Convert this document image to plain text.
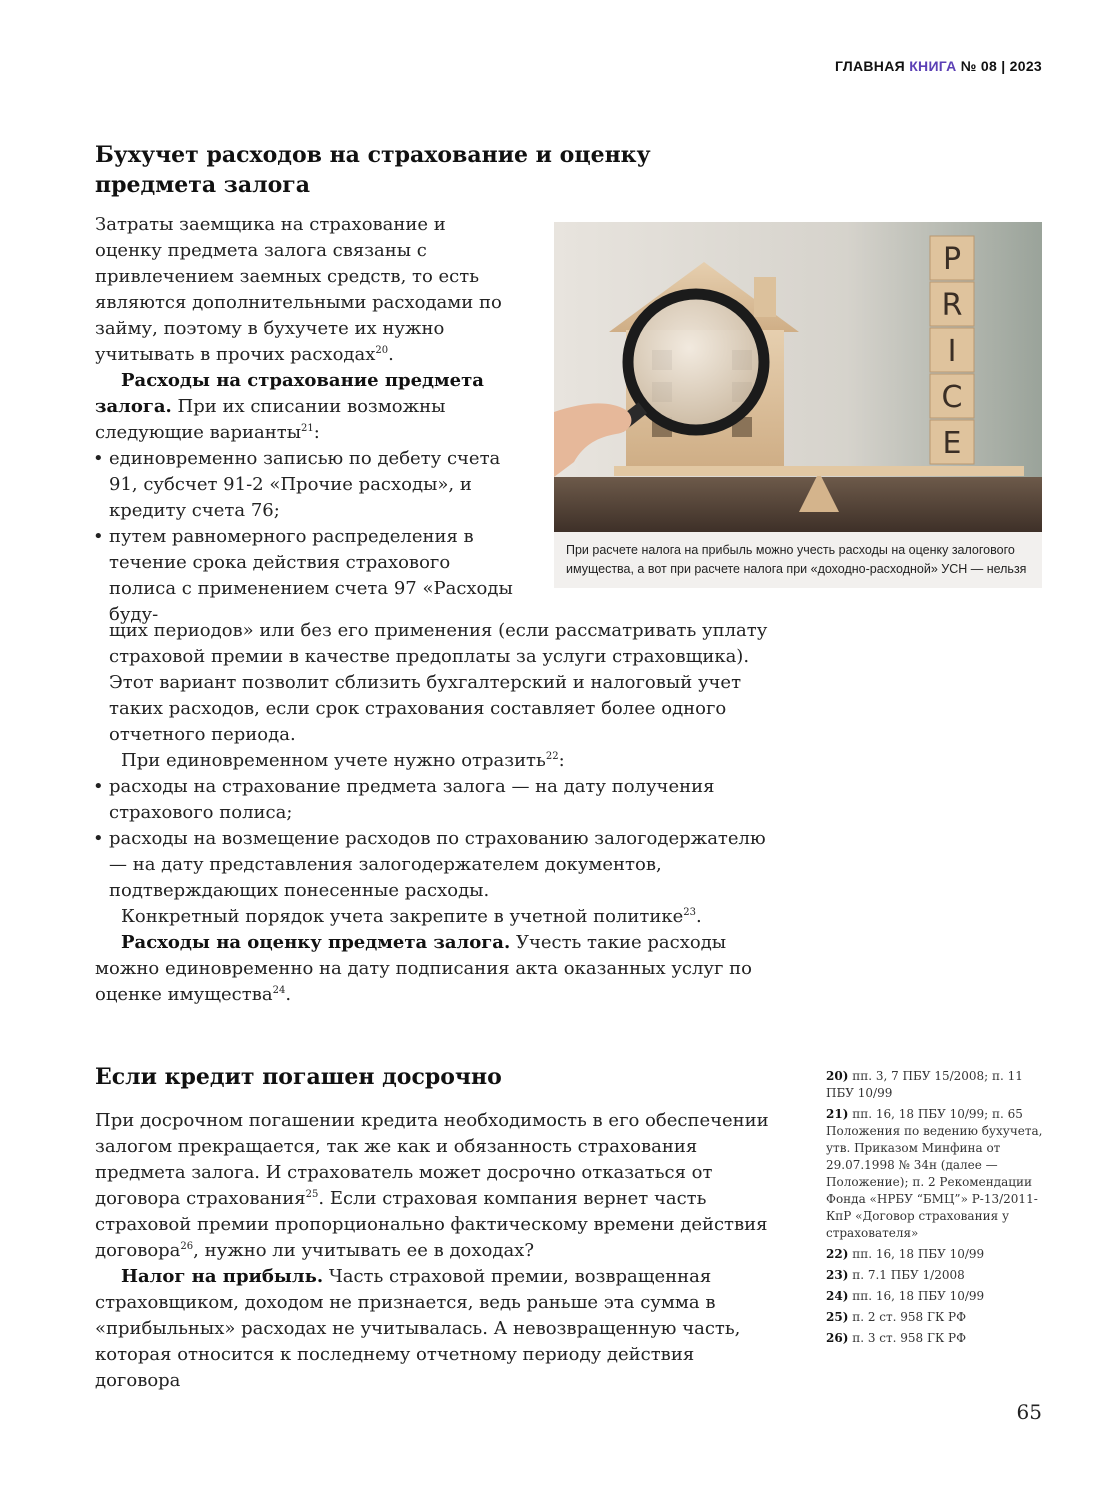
ГЛАВНАЯ КНИГА № 08 | 2023
Бухучет расходов на страхование и оценку предмета залога

Затраты заемщика на страхование и оценку предмета залога связаны с привлечением заемных средств, то есть являются дополнительными расходами по займу, поэтому в бухучете их нужно учитывать в прочих расходах$^{20}$.

Расходы на страхование предмета залога. При их списании возможны следующие варианты$^{21}$:

• единовременно записью по дебету счета 91, субсчет 91-2 «Прочие расходы», и кредиту счета 76;

• путем равномерного распределения в течение срока действия страхового полиса с применением счета 97 «Расходы буду-

щих периодов» или без его применения (если рассматривать уплату страховой премии в качестве предоплаты за услуги страховщика). Этот вариант позволит сблизить бухгалтерский и налоговый учет таких расходов, если срок страхования составляет более одного отчетного периода.

При единовременном учете нужно отразить$^{22}$:

• расходы на страхование предмета залога — на дату получения страхового полиса;

• расходы на возмещение расходов по страхованию залогодержателю — на дату представления залогодержателем документов, подтверждающих понесенные расходы.

Конкретный порядок учета закрепите в учетной политике$^{23}$.

Расходы на оценку предмета залога. Учесть такие расходы можно единовременно на дату подписания акта оказанных услуг по оценке имущества$^{24}$.

P
R
I
C
E
При расчете налога на прибыль можно учесть расходы на оценку залогового имущества, а вот при расчете налога при «доходно-расходной» УСН — нельзя
Если кредит погашен досрочно

При досрочном погашении кредита необходимость в его обеспечении залогом прекращается, так же как и обязанность страхования предмета залога. И страхователь может досрочно отказаться от договора страхования$^{25}$. Если страховая компания вернет часть страховой премии пропорционально фактическому времени действия договора$^{26}$, нужно ли учитывать ее в доходах?

Налог на прибыль. Часть страховой премии, возвращенная страховщиком, доходом не признается, ведь раньше эта сумма в «прибыльных» расходах не учитывалась. А невозвращенную часть, которая относится к последнему отчетному периоду действия договора

20) пп. 3, 7 ПБУ 15/2008; п. 11 ПБУ 10/99
21) пп. 16, 18 ПБУ 10/99; п. 65 Положения по ведению бухучета, утв. Приказом Минфина от 29.07.1998 № 34н (далее — Положение); п. 2 Рекомендации Фонда «НРБУ “БМЦ”» Р-13/2011-КпР «Договор страхования у страхователя»
22) пп. 16, 18 ПБУ 10/99
23) п. 7.1 ПБУ 1/2008
24) пп. 16, 18 ПБУ 10/99
25) п. 2 ст. 958 ГК РФ
26) п. 3 ст. 958 ГК РФ
65
